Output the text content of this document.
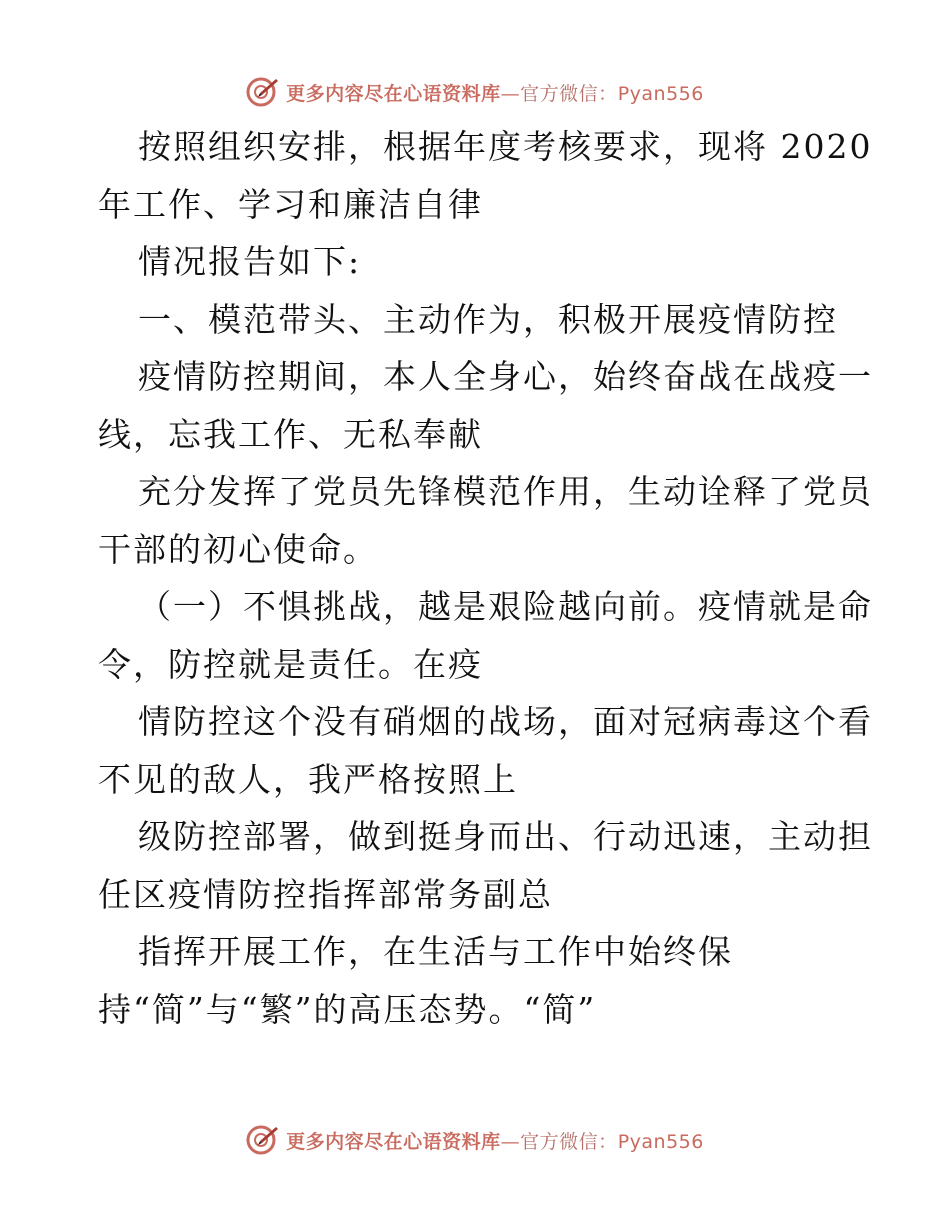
更多内容尽在心语资料库—官方微信：Pyan556

按照组织安排，根据年度考核要求，现将 2020

年工作、学习和廉洁自律

情况报告如下:

一、模范带头、主动作为，积极开展疫情防控

疫情防控期间，本人全身心，始终奋战在战疫一

线，忘我工作、无私奉献

充分发挥了党员先锋模范作用，生动诠释了党员

干部的初心使命。

（一）不惧挑战，越是艰险越向前。疫情就是命

令，防控就是责任。在疫

情防控这个没有硝烟的战场，面对冠病毒这个看

不见的敌人，我严格按照上

级防控部署，做到挺身而出、行动迅速，主动担

任区疫情防控指挥部常务副总

指挥开展工作，在生活与工作中始终保

持“简”与“繁”的高压态势。“简”

更多内容尽在心语资料库—官方微信：Pyan556
